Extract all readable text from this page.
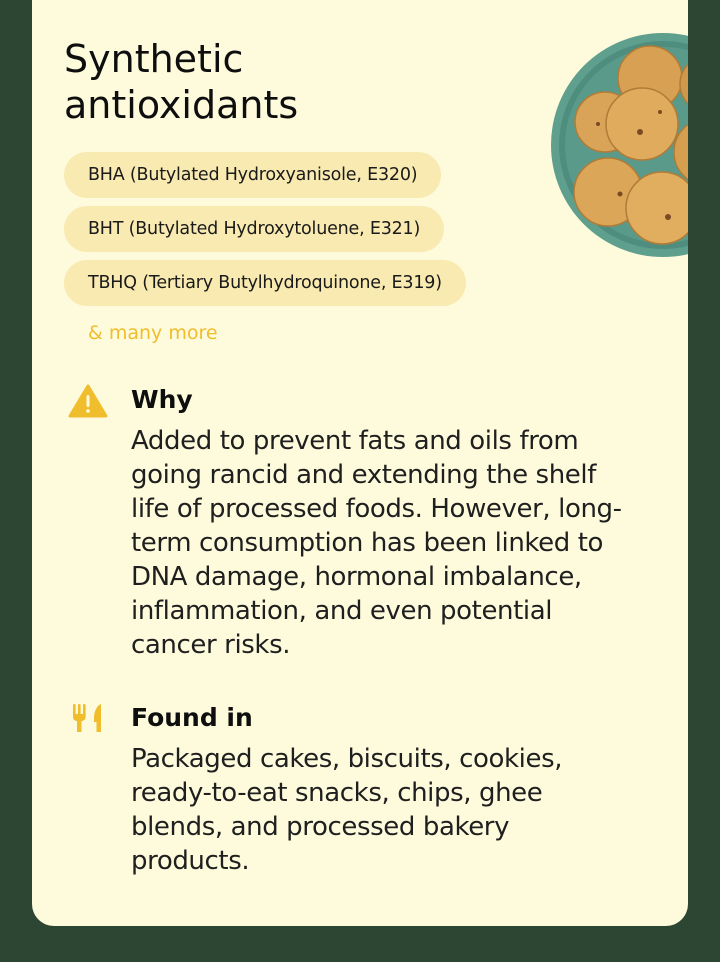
Synthetic antioxidants
BHA (Butylated Hydroxyanisole, E320)
BHT (Butylated Hydroxytoluene, E321)
TBHQ (Tertiary Butylhydroquinone, E319)
& many more
Why

Added to prevent fats and oils from going rancid and extending the shelf life of processed foods. However, long-term consumption has been linked to DNA damage, hormonal imbalance, inflammation, and even potential cancer risks.

Found in

Packaged cakes, biscuits, cookies, ready-to-eat snacks, chips, ghee blends, and processed bakery products.
